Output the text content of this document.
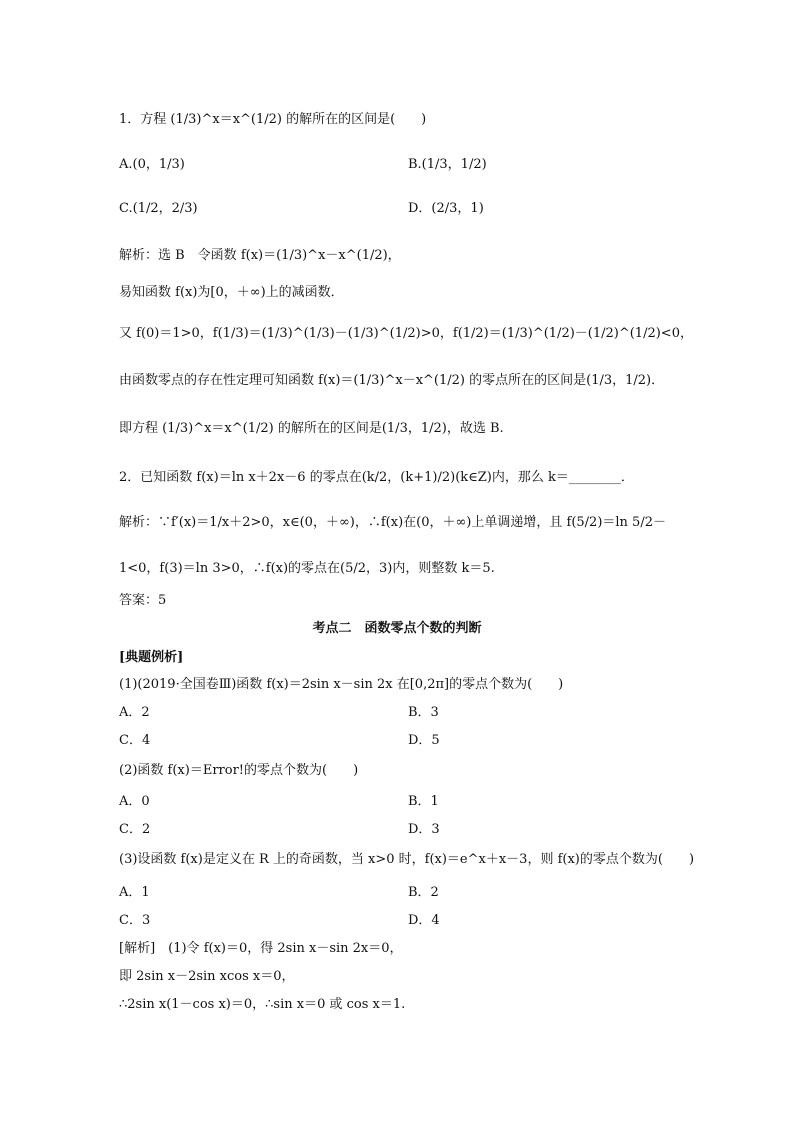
1．方程 (1/3)^x＝x^(1/2) 的解所在的区间是(　　)
A.(0，1/3)	B.(1/3，1/2)
C.(1/2，2/3)	D．(2/3，1)
解析：选 B　令函数 f(x)＝(1/3)^x－x^(1/2)，
易知函数 f(x)为[0，＋∞)上的减函数．
又 f(0)＝1>0，f(1/3)＝(1/3)^(1/3)－(1/3)^(1/2)>0，f(1/2)＝(1/3)^(1/2)－(1/2)^(1/2)<0，
由函数零点的存在性定理可知函数 f(x)＝(1/3)^x－x^(1/2) 的零点所在的区间是(1/3，1/2)．
即方程 (1/3)^x＝x^(1/2) 的解所在的区间是(1/3，1/2)，故选 B.
2．已知函数 f(x)＝ln x＋2x－6 的零点在(k/2，(k+1)/2)(k∈Z)内，那么 k＝________．
解析：∵f′(x)＝1/x＋2>0，x∈(0，＋∞)，∴f(x)在(0，＋∞)上单调递增，且 f(5/2)＝ln 5/2－
1<0，f(3)＝ln 3>0，∴f(x)的零点在(5/2，3)内，则整数 k＝5.
答案：5
考点二　函数零点个数的判断
[典题例析]
(1)(2019·全国卷Ⅲ)函数 f(x)＝2sin x－sin 2x 在[0,2π]的零点个数为(　　)
A．2	B．3
C．4	D．5
(2)函数 f(x)＝Error!的零点个数为(　　)
A．0	B．1
C．2	D．3
(3)设函数 f(x)是定义在 R 上的奇函数，当 x>0 时，f(x)＝e^x＋x－3，则 f(x)的零点个数为(　　)
A．1	B．2
C．3	D．4
[解析]　(1)令 f(x)＝0，得 2sin x－sin 2x＝0，
即 2sin x－2sin xcos x＝0，
∴2sin x(1－cos x)＝0，∴sin x＝0 或 cos x＝1.
